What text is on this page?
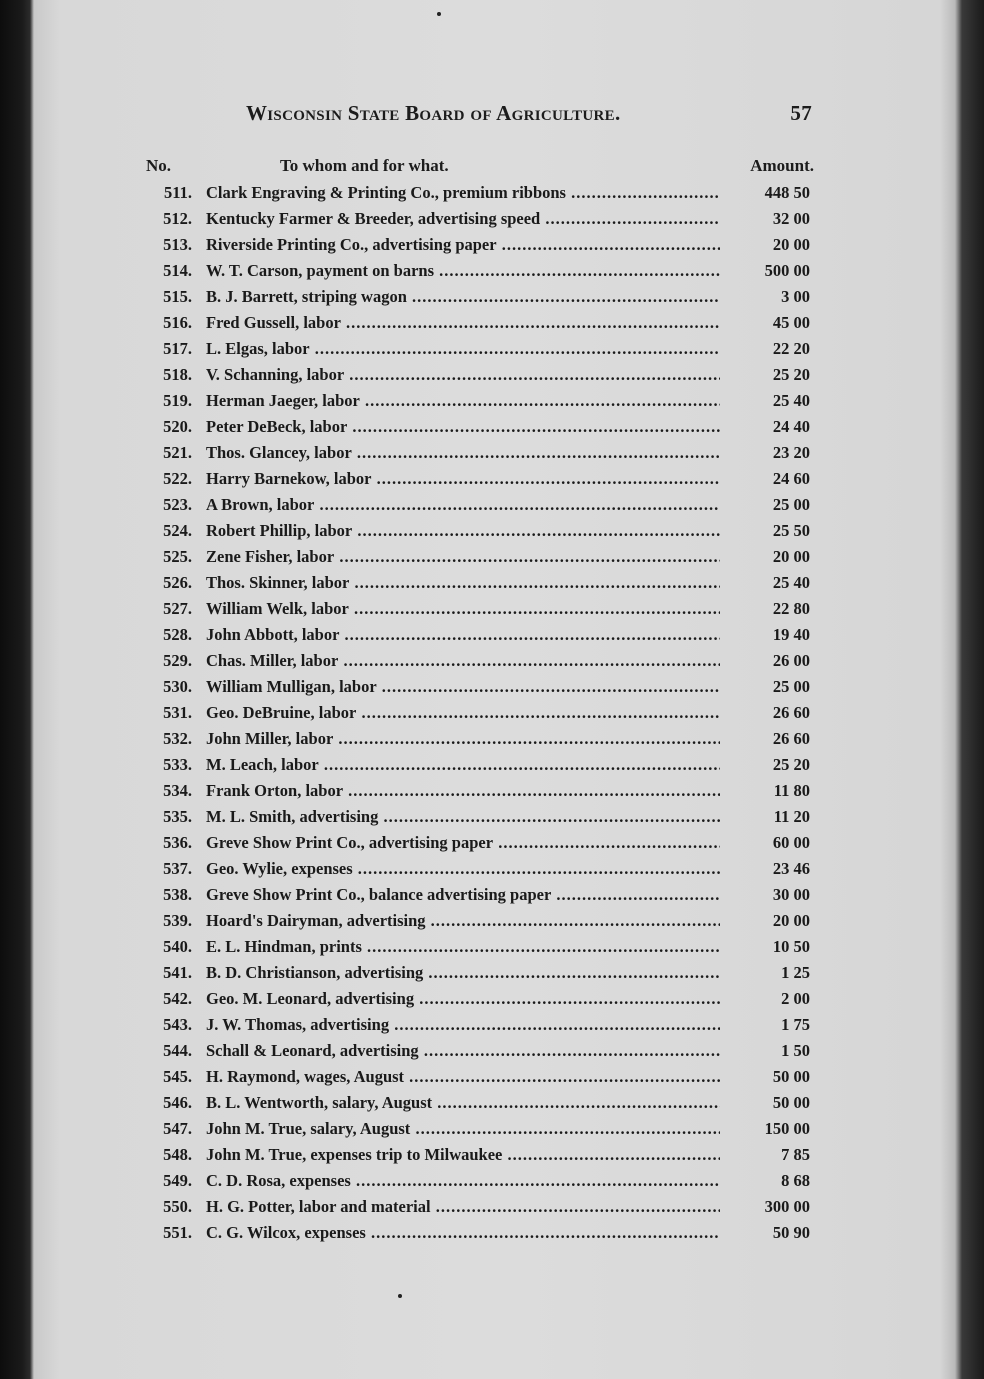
Wisconsin State Board of Agriculture.	57
No.	To whom and for what.	Amount.
511. Clark Engraving & Printing Co., premium ribbons .....	448 50
512. Kentucky Farmer & Breeder, advertising speed .....	32 00
513. Riverside Printing Co., advertising paper .....	20 00
514. W. T. Carson, payment on barns .....	500 00
515. B. J. Barrett, striping wagon .....	3 00
516. Fred Gussell, labor .....	45 00
517. L. Elgas, labor .....	22 20
518. V. Schanning, labor .....	25 20
519. Herman Jaeger, labor .....	25 40
520. Peter DeBeck, labor .....	24 40
521. Thos. Glancey, labor .....	23 20
522. Harry Barnekow, labor .....	24 60
523. A Brown, labor .....	25 00
524. Robert Phillip, labor .....	25 50
525. Zene Fisher, labor .....	20 00
526. Thos. Skinner, labor .....	25 40
527. William Welk, labor .....	22 80
528. John Abbott, labor .....	19 40
529. Chas. Miller, labor .....	26 00
530. William Mulligan, labor .....	25 00
531. Geo. DeBruine, labor .....	26 60
532. John Miller, labor .....	26 60
533. M. Leach, labor .....	25 20
534. Frank Orton, labor .....	11 80
535. M. L. Smith, advertising .....	11 20
536. Greve Show Print Co., advertising paper .....	60 00
537. Geo. Wylie, expenses .....	23 46
538. Greve Show Print Co., balance advertising paper .....	30 00
539. Hoard's Dairyman, advertising .....	20 00
540. E. L. Hindman, prints .....	10 50
541. B. D. Christianson, advertising .....	1 25
542. Geo. M. Leonard, advertising .....	2 00
543. J. W. Thomas, advertising .....	1 75
544. Schall & Leonard, advertising .....	1 50
545. H. Raymond, wages, August .....	50 00
546. B. L. Wentworth, salary, August .....	50 00
547. John M. True, salary, August .....	150 00
548. John M. True, expenses trip to Milwaukee .....	7 85
549. C. D. Rosa, expenses .....	8 68
550. H. G. Potter, labor and material .....	300 00
551. C. G. Wilcox, expenses .....	50 90
